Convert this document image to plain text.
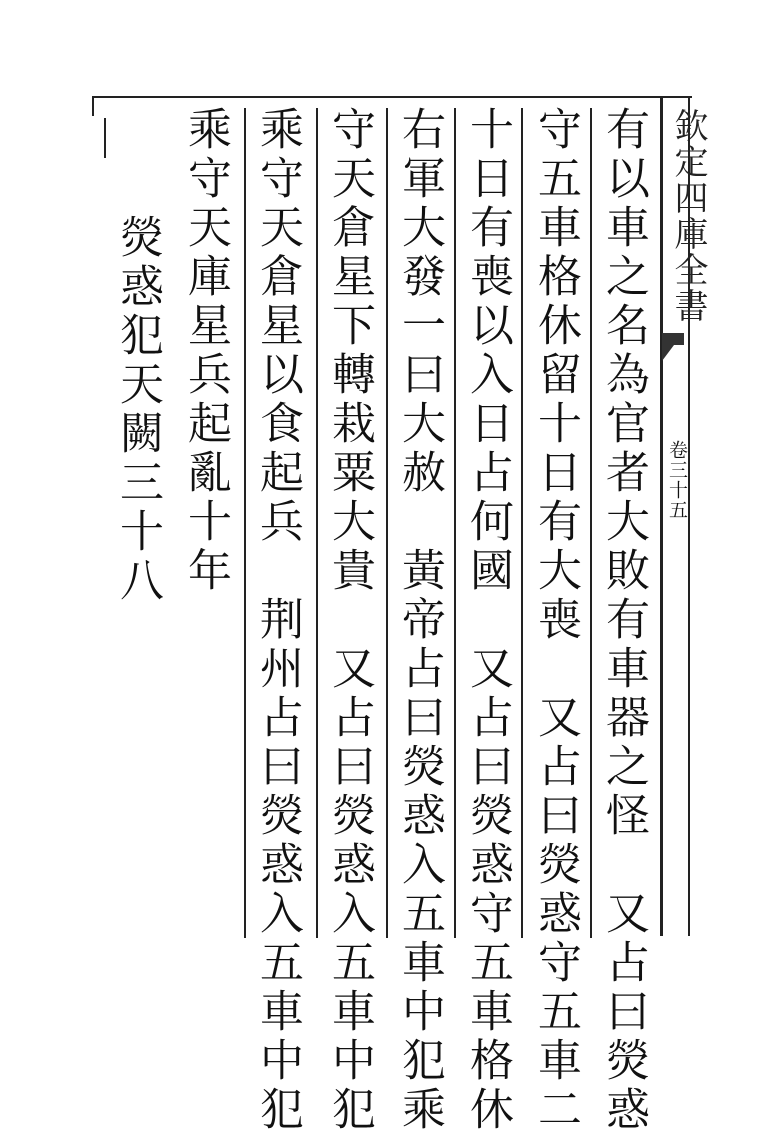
欽定四庫全書
卷三十五
有以車之名為官者大敗有車器之怪　又占曰熒惑
守五車格休留十日有大喪　又占曰熒惑守五車二
十日有喪以入日占何國　又占曰熒惑守五車格休
右軍大發一曰大赦　黃帝占曰熒惑入五車中犯乘
守天倉星下轉栽粟大貴　又占曰熒惑入五車中犯
乘守天倉星以食起兵　荆州占曰熒惑入五車中犯
乘守天庫星兵起亂十年
熒惑犯天闕三十八
